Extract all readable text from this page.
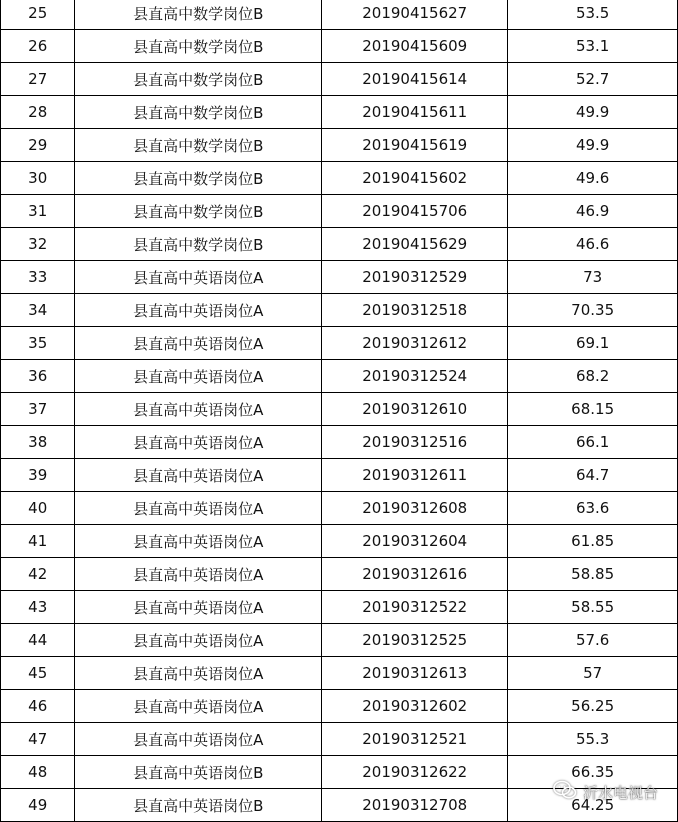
25	县直高中数学岗位B	20190415627	53.5
26	县直高中数学岗位B	20190415609	53.1
27	县直高中数学岗位B	20190415614	52.7
28	县直高中数学岗位B	20190415611	49.9
29	县直高中数学岗位B	20190415619	49.9
30	县直高中数学岗位B	20190415602	49.6
31	县直高中数学岗位B	20190415706	46.9
32	县直高中数学岗位B	20190415629	46.6
33	县直高中英语岗位A	20190312529	73
34	县直高中英语岗位A	20190312518	70.35
35	县直高中英语岗位A	20190312612	69.1
36	县直高中英语岗位A	20190312524	68.2
37	县直高中英语岗位A	20190312610	68.15
38	县直高中英语岗位A	20190312516	66.1
39	县直高中英语岗位A	20190312611	64.7
40	县直高中英语岗位A	20190312608	63.6
41	县直高中英语岗位A	20190312604	61.85
42	县直高中英语岗位A	20190312616	58.85
43	县直高中英语岗位A	20190312522	58.55
44	县直高中英语岗位A	20190312525	57.6
45	县直高中英语岗位A	20190312613	57
46	县直高中英语岗位A	20190312602	56.25
47	县直高中英语岗位A	20190312521	55.3
48	县直高中英语岗位B	20190312622	66.35
49	县直高中英语岗位B	20190312708	64.25
沂水电视台
